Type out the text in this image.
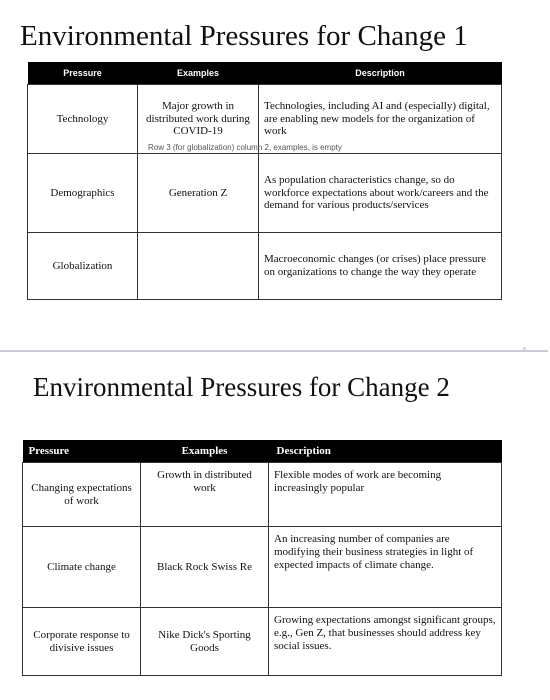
Environmental Pressures for Change 1
Pressure	Examples	Description
Technology	Major growth in distributed work during COVID-19	Technologies, including AI and (especially) digital, are enabling new models for the organization of work
Demographics	Generation Z	As population characteristics change, so do workforce expectations about work/careers and the demand for various products/services
Globalization		Macroeconomic changes (or crises) place pressure on organizations to change the way they operate
Row 3 (for globalization) column 2, examples, is empty
Environmental Pressures for Change 2
Pressure	Examples	Description
Changing expectations of work	Growth in distributed work	Flexible modes of work are becoming increasingly popular
Climate change	Black Rock Swiss Re	An increasing number of companies are modifying their business strategies in light of expected impacts of climate change.
Corporate response to divisive issues	Nike Dick's Sporting Goods	Growing expectations amongst significant groups, e.g., Gen Z, that businesses should address key social issues.
